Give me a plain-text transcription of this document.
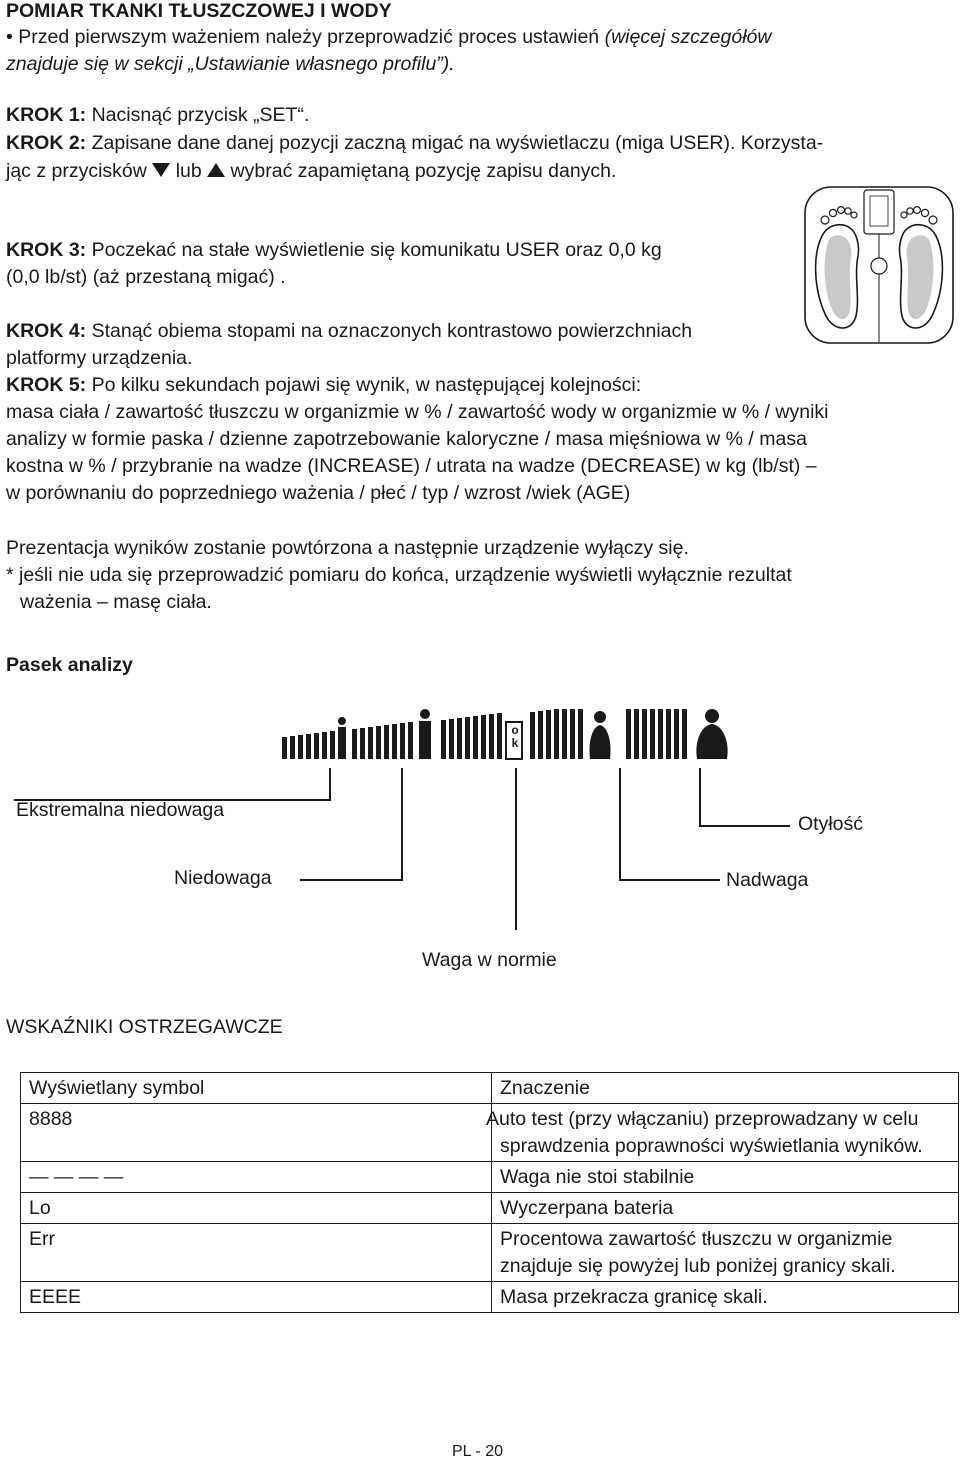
POMIAR TKANKI TŁUSZCZOWEJ I WODY
• Przed pierwszym ważeniem należy przeprowadzić proces ustawień (więcej szczegółów
znajduje się w sekcji „Ustawianie własnego profilu”).
KROK 1: Nacisnąć przycisk „SET“.
KROK 2: Zapisane dane danej pozycji zaczną migać na wyświetlaczu (miga USER). Korzysta-
jąc z przycisków  lub  wybrać zapamiętaną pozycję zapisu danych.
KROK 3: Poczekać na stałe wyświetlenie się komunikatu USER oraz 0,0 kg
(0,0 lb/st) (aż przestaną migać) .
KROK 4: Stanąć obiema stopami na oznaczonych kontrastowo powierzchniach
platformy urządzenia.
KROK 5: Po kilku sekundach pojawi się wynik, w następującej kolejności:
masa ciała / zawartość tłuszczu w organizmie w % / zawartość wody w organizmie w % / wyniki
analizy w formie paska / dzienne zapotrzebowanie kaloryczne / masa mięśniowa w % / masa
kostna w % / przybranie na wadze (INCREASE) / utrata na wadze (DECREASE) w kg (lb/st) –
w porównaniu do poprzedniego ważenia / płeć / typ / wzrost /wiek (AGE)
Prezentacja wyników zostanie powtórzona a następnie urządzenie wyłączy się.
* jeśli nie uda się przeprowadzić pomiaru do końca, urządzenie wyświetli wyłącznie rezultat
ważenia – masę ciała.
Pasek analizy
ok
Ekstremalna niedowaga
Niedowaga
Waga w normie
Nadwaga
Otyłość
WSKAŹNIKI OSTRZEGAWCZE
Wyświetlany symbol	Znaczenie
8888	Auto test (przy włączaniu) przeprowadzany w celu sprawdzenia poprawności wyświetlania wyników.
— — — —	Waga nie stoi stabilnie
Lo	Wyczerpana bateria
Err	Procentowa zawartość tłuszczu w organizmie znajduje się powyżej lub poniżej granicy skali.
EEEE	Masa przekracza granicę skali.
PL - 20
